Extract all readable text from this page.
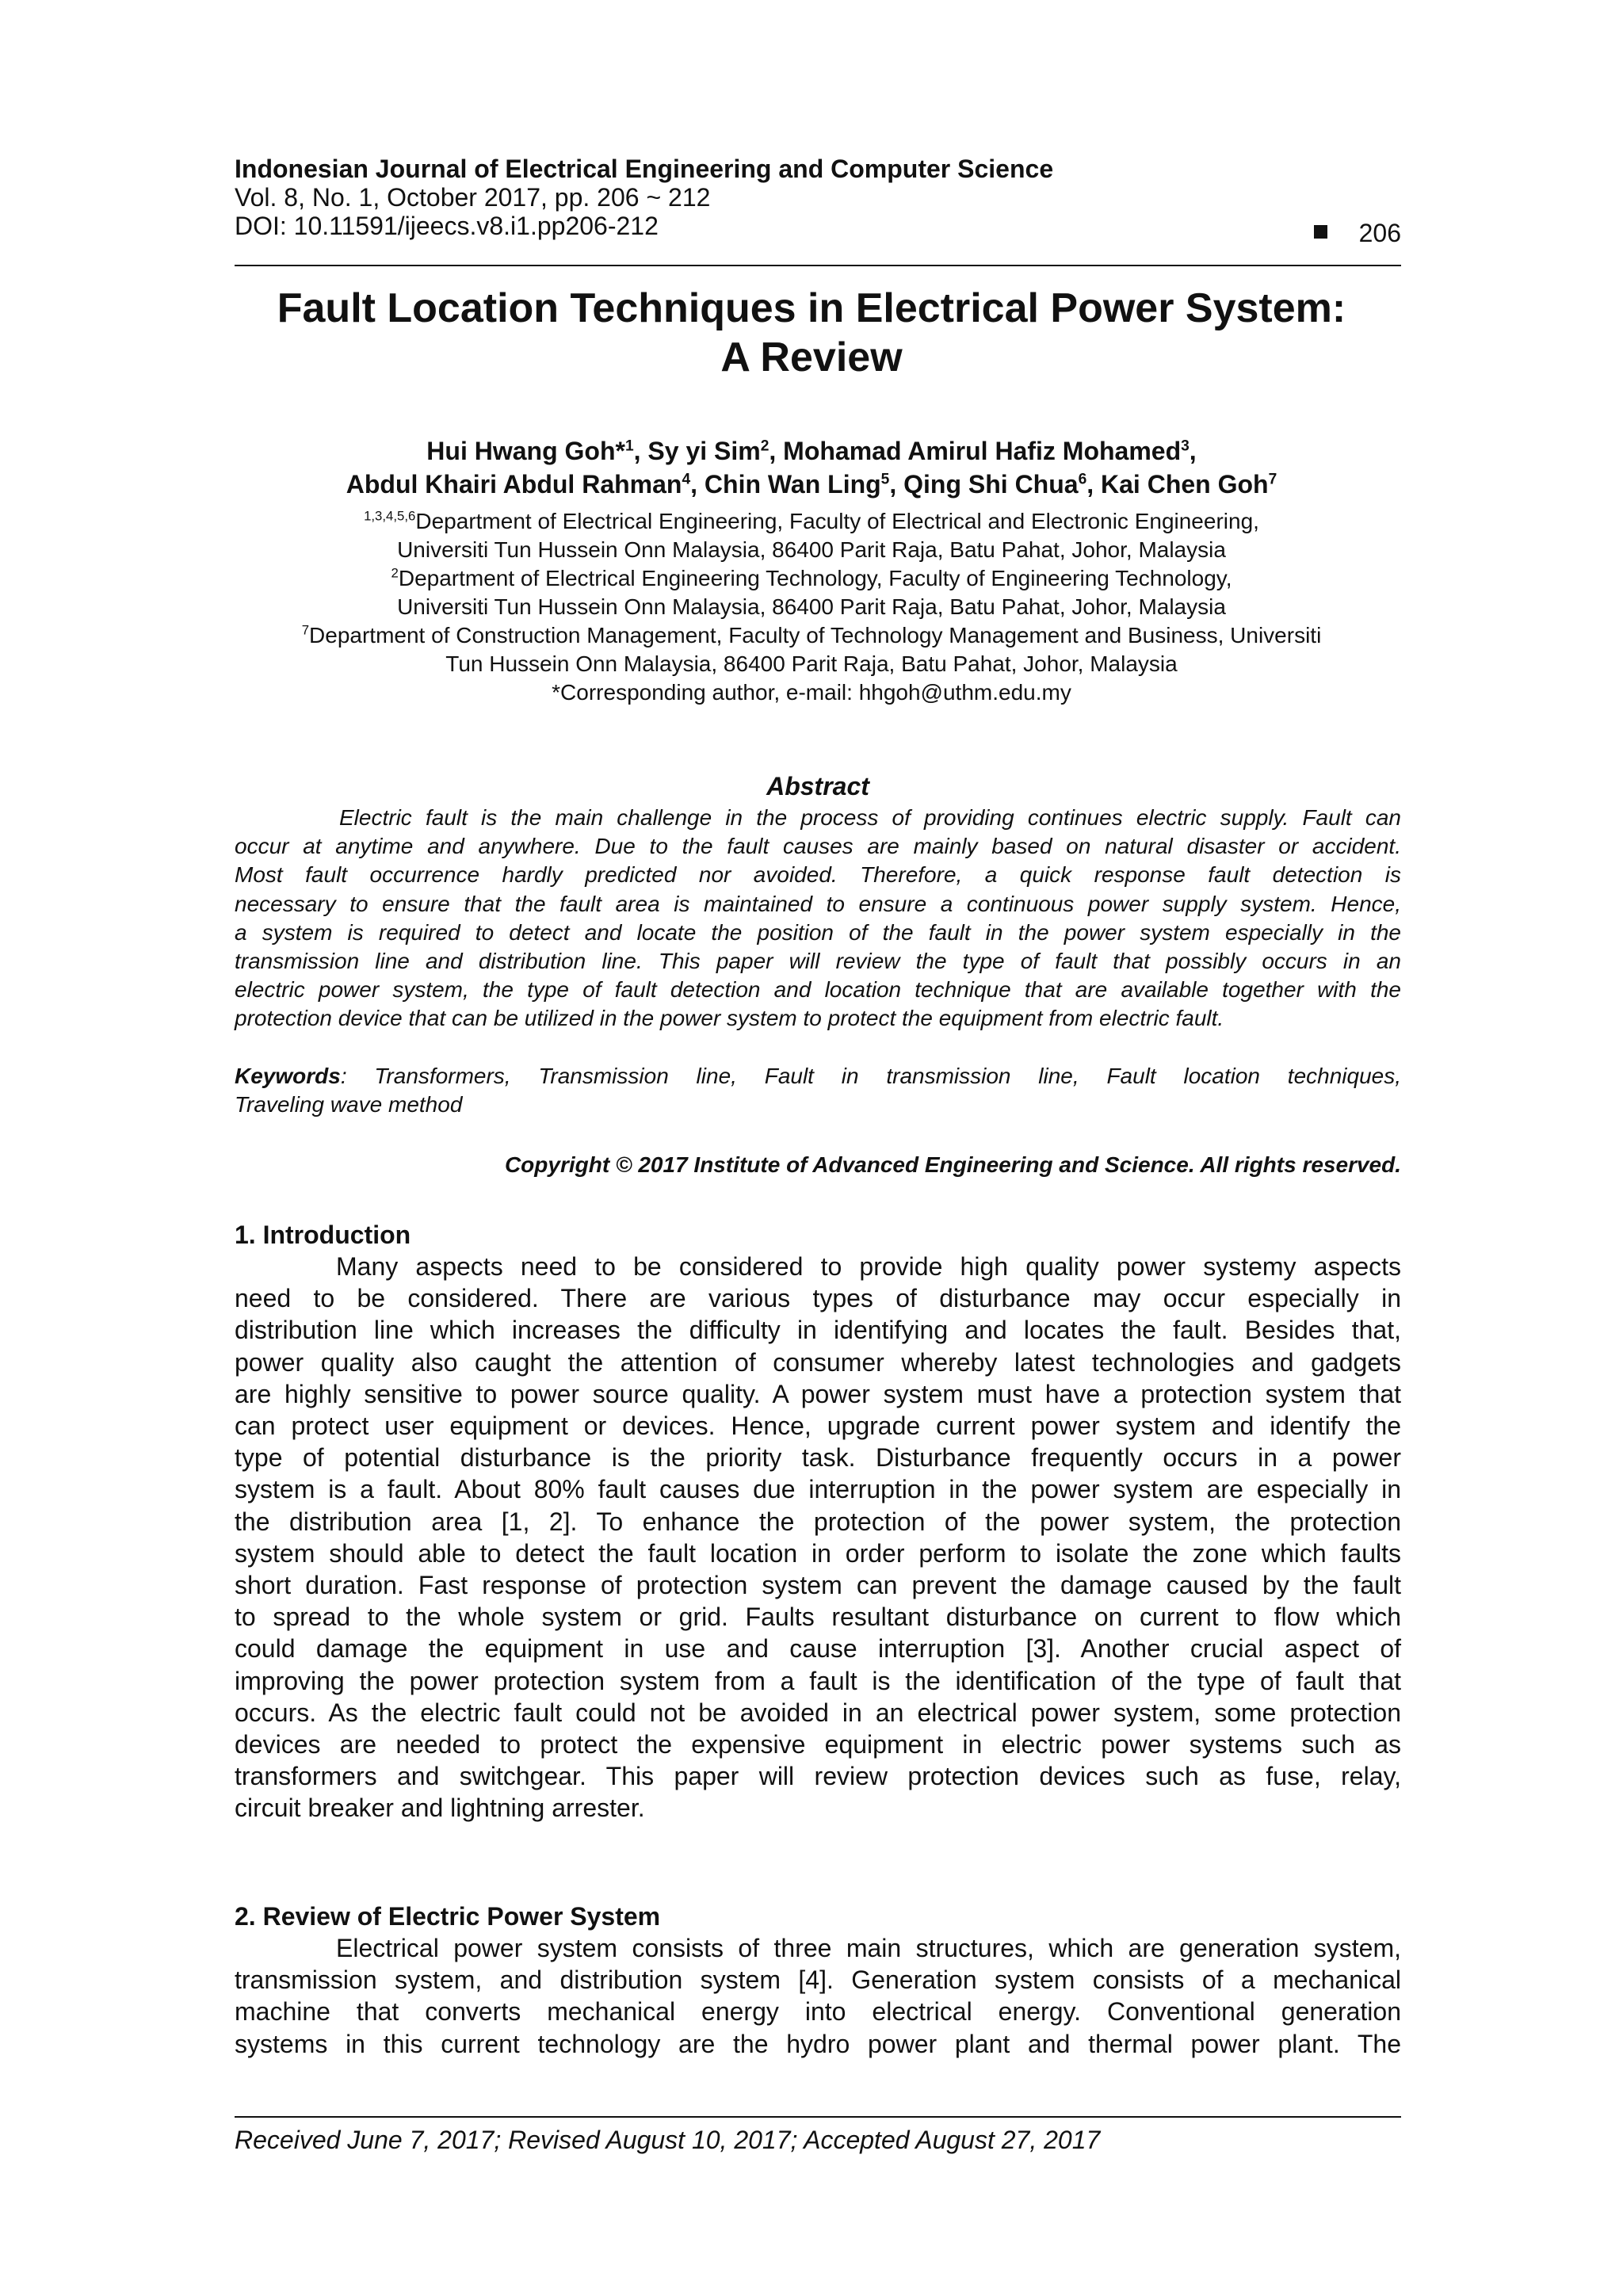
Indonesian Journal of Electrical Engineering and Computer Science
Vol. 8, No. 1, October 2017, pp. 206 ~ 212
DOI: 10.11591/ijeecs.v8.i1.pp206-212	206
Fault Location Techniques in Electrical Power System:
A Review
Hui Hwang Goh*$^1$, Sy yi Sim$^2$, Mohamad Amirul Hafiz Mohamed$^3$,
Abdul Khairi Abdul Rahman$^4$, Chin Wan Ling$^5$, Qing Shi Chua$^6$, Kai Chen Goh$^7$
$^{1,3,4,5,6}$Department of Electrical Engineering, Faculty of Electrical and Electronic Engineering,
Universiti Tun Hussein Onn Malaysia, 86400 Parit Raja, Batu Pahat, Johor, Malaysia
$^2$Department of Electrical Engineering Technology, Faculty of Engineering Technology,
Universiti Tun Hussein Onn Malaysia, 86400 Parit Raja, Batu Pahat, Johor, Malaysia
$^7$Department of Construction Management, Faculty of Technology Management and Business, Universiti
Tun Hussein Onn Malaysia, 86400 Parit Raja, Batu Pahat, Johor, Malaysia
*Corresponding author, e-mail: hhgoh@uthm.edu.my
Abstract
Electric fault is the main challenge in the process of providing continues electric supply. Fault can
occur at anytime and anywhere. Due to the fault causes are mainly based on natural disaster or accident.
Most fault occurrence hardly predicted nor avoided. Therefore, a quick response fault detection is
necessary to ensure that the fault area is maintained to ensure a continuous power supply system. Hence,
a system is required to detect and locate the position of the fault in the power system especially in the
transmission line and distribution line. This paper will review the type of fault that possibly occurs in an
electric power system, the type of fault detection and location technique that are available together with the
protection device that can be utilized in the power system to protect the equipment from electric fault.
Keywords: Transformers, Transmission line, Fault in transmission line, Fault location techniques,
Traveling wave method
Copyright © 2017 Institute of Advanced Engineering and Science. All rights reserved.
1. Introduction
Many aspects need to be considered to provide high quality power systemy aspects
need to be considered. There are various types of disturbance may occur especially in
distribution line which increases the difficulty in identifying and locates the fault. Besides that,
power quality also caught the attention of consumer whereby latest technologies and gadgets
are highly sensitive to power source quality. A power system must have a protection system that
can protect user equipment or devices. Hence, upgrade current power system and identify the
type of potential disturbance is the priority task. Disturbance frequently occurs in a power
system is a fault. About 80% fault causes due interruption in the power system are especially in
the distribution area [1, 2]. To enhance the protection of the power system, the protection
system should able to detect the fault location in order perform to isolate the zone which faults
short duration. Fast response of protection system can prevent the damage caused by the fault
to spread to the whole system or grid. Faults resultant disturbance on current to flow which
could damage the equipment in use and cause interruption [3]. Another crucial aspect of
improving the power protection system from a fault is the identification of the type of fault that
occurs. As the electric fault could not be avoided in an electrical power system, some protection
devices are needed to protect the expensive equipment in electric power systems such as
transformers and switchgear. This paper will review protection devices such as fuse, relay,
circuit breaker and lightning arrester.
2. Review of Electric Power System
Electrical power system consists of three main structures, which are generation system,
transmission system, and distribution system [4]. Generation system consists of a mechanical
machine that converts mechanical energy into electrical energy. Conventional generation
systems in this current technology are the hydro power plant and thermal power plant. The
Received June 7, 2017; Revised August 10, 2017; Accepted August 27, 2017
